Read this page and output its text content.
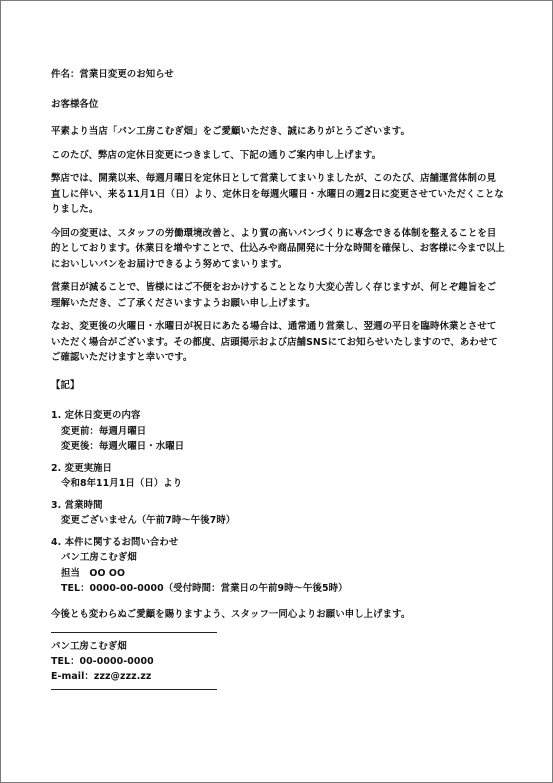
件名：営業日変更のお知らせ

お客様各位

平素より当店「パン工房こむぎ畑」をご愛顧いただき、誠にありがとうございます。

このたび、弊店の定休日変更につきまして、下記の通りご案内申し上げます。

弊店では、開業以来、毎週月曜日を定休日として営業してまいりましたが、このたび、店舗運営体制の見直しに伴い、来る11月1日（日）より、定休日を毎週火曜日・水曜日の週2日に変更させていただくことなりました。

今回の変更は、スタッフの労働環境改善と、より質の高いパンづくりに専念できる体制を整えることを目的としております。休業日を増やすことで、仕込みや商品開発に十分な時間を確保し、お客様に今まで以上においしいパンをお届けできるよう努めてまいります。

営業日が減ることで、皆様にはご不便をおかけすることとなり大変心苦しく存じますが、何とぞ趣旨をご理解いただき、ご了承くださいますようお願い申し上げます。

なお、変更後の火曜日・水曜日が祝日にあたる場合は、通常通り営業し、翌週の平日を臨時休業とさせていただく場合がございます。その都度、店頭掲示および店舗SNSにてお知らせいたしますので、あわせてご確認いただけますと幸いです。

【記】

1. 定休日変更の内容

変更前：毎週月曜日

変更後：毎週火曜日・水曜日

2. 変更実施日

令和8年11月1日（日）より

3. 営業時間

変更ございません（午前7時～午後7時）

4. 本件に関するお問い合わせ

パン工房こむぎ畑

担当　OO OO

TEL：0000-00-0000（受付時間：営業日の午前9時～午後5時）

今後とも変わらぬご愛顧を賜りますよう、スタッフ一同心よりお願い申し上げます。

パン工房こむぎ畑

TEL：00-0000-0000

E-mail：zzz@zzz.zz
